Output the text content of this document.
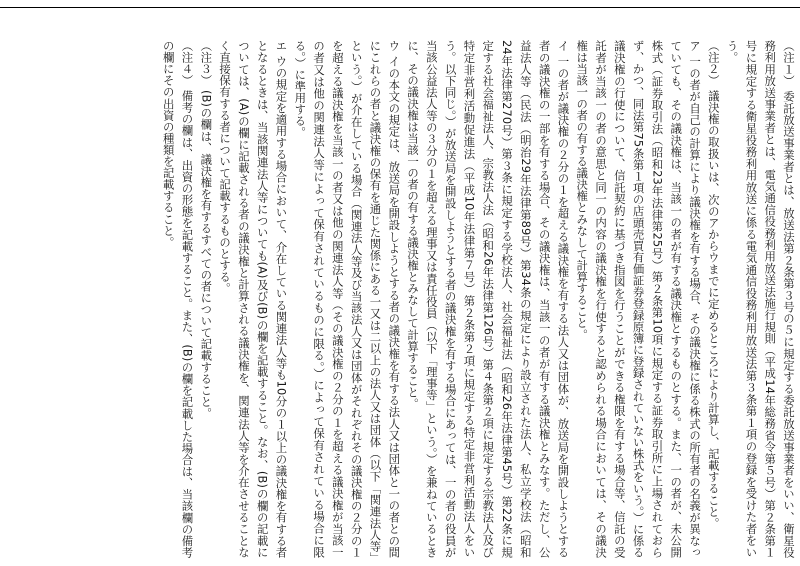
（注１） 委託放送事業者とは、放送法第２条第３号の５に規定する委託放送事業者をいい、衛星役務利用放送事業者とは、電気通信役務利用放送法施行規則（平成14年総務省令第５号）第２条第１号に規定する衛星役務利用放送に係る電気通信役務利用放送法第３条第１項の登録を受けた者をいう。

（注２） 議決権の取扱いは、次のアからウまでに定めるところにより計算し、記載すること。

ア 一の者が自己の計算により議決権を有する場合、その議決権に係る株式の所有者の名義が異なっていても、その議決権は、当該一の者が有する議決権とするものとする。また、一の者が、未公開株式（証券取引法（昭和23年法律第25号）第２条第10項に規定する証券取引所に上場されておらず、かつ、同法第75条第１項の店頭売買有価証券登録原簿に登録されていない株式をいう。）に係る議決権の行使について、信託契約に基づき指図を行うことができる権限を有する場合等、信託の受託者が当該一の者の意思と同一の内容の議決権を行使すると認められる場合においては、その議決権は当該一の者の有する議決権とみなして計算すること。

イ 一の者が議決権の２分の１を超える議決権を有する法人又は団体が、放送局を開設しようとする者の議決権の一部を有する場合、その議決権は、当該一の者が有する議決権とみなす。ただし、公益法人等（民法（明治29年法律第89号）第34条の規定により設立された法人、私立学校法（昭和24年法律第270号）第３条に規定する学校法人、社会福祉法（昭和26年法律第45号）第22条に規定する社会福祉法人、宗教法人法（昭和26年法律第126号）第４条第２項に規定する宗教法人及び特定非営利活動促進法（平成10年法律第７号）第２条第２項に規定する特定非営利活動法人をいう。以下同じ。）が放送局を開設しようとする者の議決権を有する場合にあっては、一の者の役員が当該公益法人等の３分の１を超える理事又は責任役員（以下「理事等」という。）を兼ねているときに、その議決権は当該一の者の有する議決権とみなして計算すること。

ウ イの本文の規定は、放送局を開設しようとする者の議決権を有する法人又は団体と一の者との間にこれらの者と議決権の保有を通じた関係にある一又は二以上の法人又は団体（以下「関連法人等」という。）が介在している場合（関連法人等及び当該法人又は団体がそれぞれその議決権の２分の１を超える議決権を当該一の者又は他の関連法人等（その議決権の２分の１を超える議決権が当該一の者又は他の関連法人等によって保有されているものに限る。）によって保有されている場合に限る。）に準用する。

エ ウの規定を適用する場合において、介在している関連法人等も10分の１以上の議決権を有する者となるときは、当該関連法人等についても(A)及び(B)の欄を記載すること。なお、(B)の欄の記載については、(A)の欄に記載される者の議決権と計算される議決権を、関連法人等を介在させることなく直接保有する者について記載するものとする。

（注３） (B)の欄は、議決権を有するすべての者について記載すること。

（注４） 備考の欄は、出資の形態を記載すること。また、(B)の欄を記載した場合は、当該欄の備考の欄にその出資の種類を記載すること。
